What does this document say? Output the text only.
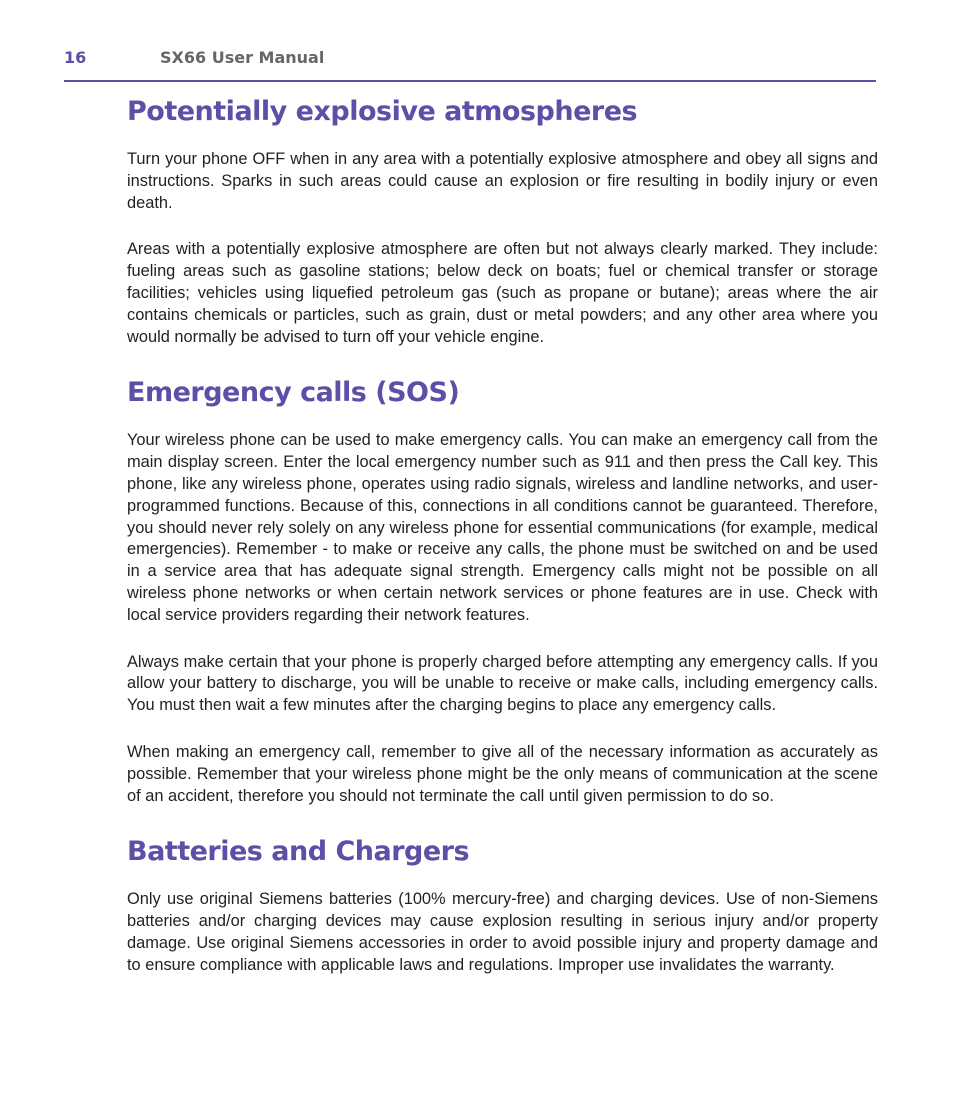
16	SX66 User Manual
Potentially explosive atmospheres

Turn your phone OFF when in any area with a potentially explosive atmosphere and obey all signs and instructions. Sparks in such areas could cause an explosion or fire resulting in bodily injury or even death.

Areas with a potentially explosive atmosphere are often but not always clearly marked. They include: fueling areas such as gasoline stations; below deck on boats; fuel or chemical transfer or storage facilities; vehicles using liquefied petroleum gas (such as propane or butane); areas where the air contains chemicals or particles, such as grain, dust or metal powders; and any other area where you would normally be advised to turn off your vehicle engine.

Emergency calls (SOS)

Your wireless phone can be used to make emergency calls. You can make an emergency call from the main display screen. Enter the local emergency number such as 911 and then press the Call key. This phone, like any wireless phone, operates using radio signals, wireless and landline networks, and user-programmed functions. Because of this, connections in all conditions cannot be guaranteed. Therefore, you should never rely solely on any wireless phone for essential communications (for example, medical emergencies). Remember - to make or receive any calls, the phone must be switched on and be used in a service area that has adequate signal strength. Emergency calls might not be possible on all wireless phone networks or when certain network services or phone features are in use. Check with local service providers regarding their network features.

Always make certain that your phone is properly charged before attempting any emergency calls. If you allow your battery to discharge, you will be unable to receive or make calls, including emergency calls. You must then wait a few minutes after the charging begins to place any emergency calls.

When making an emergency call, remember to give all of the necessary information as accurately as possible. Remember that your wireless phone might be the only means of communication at the scene of an accident, therefore you should not terminate the call until given permission to do so.

Batteries and Chargers

Only use original Siemens batteries (100% mercury-free) and charging devices. Use of non-Siemens batteries and/or charging devices may cause explosion resulting in serious injury and/or property damage. Use original Siemens accessories in order to avoid possible injury and property damage and to ensure compliance with applicable laws and regulations. Improper use invalidates the warranty.
